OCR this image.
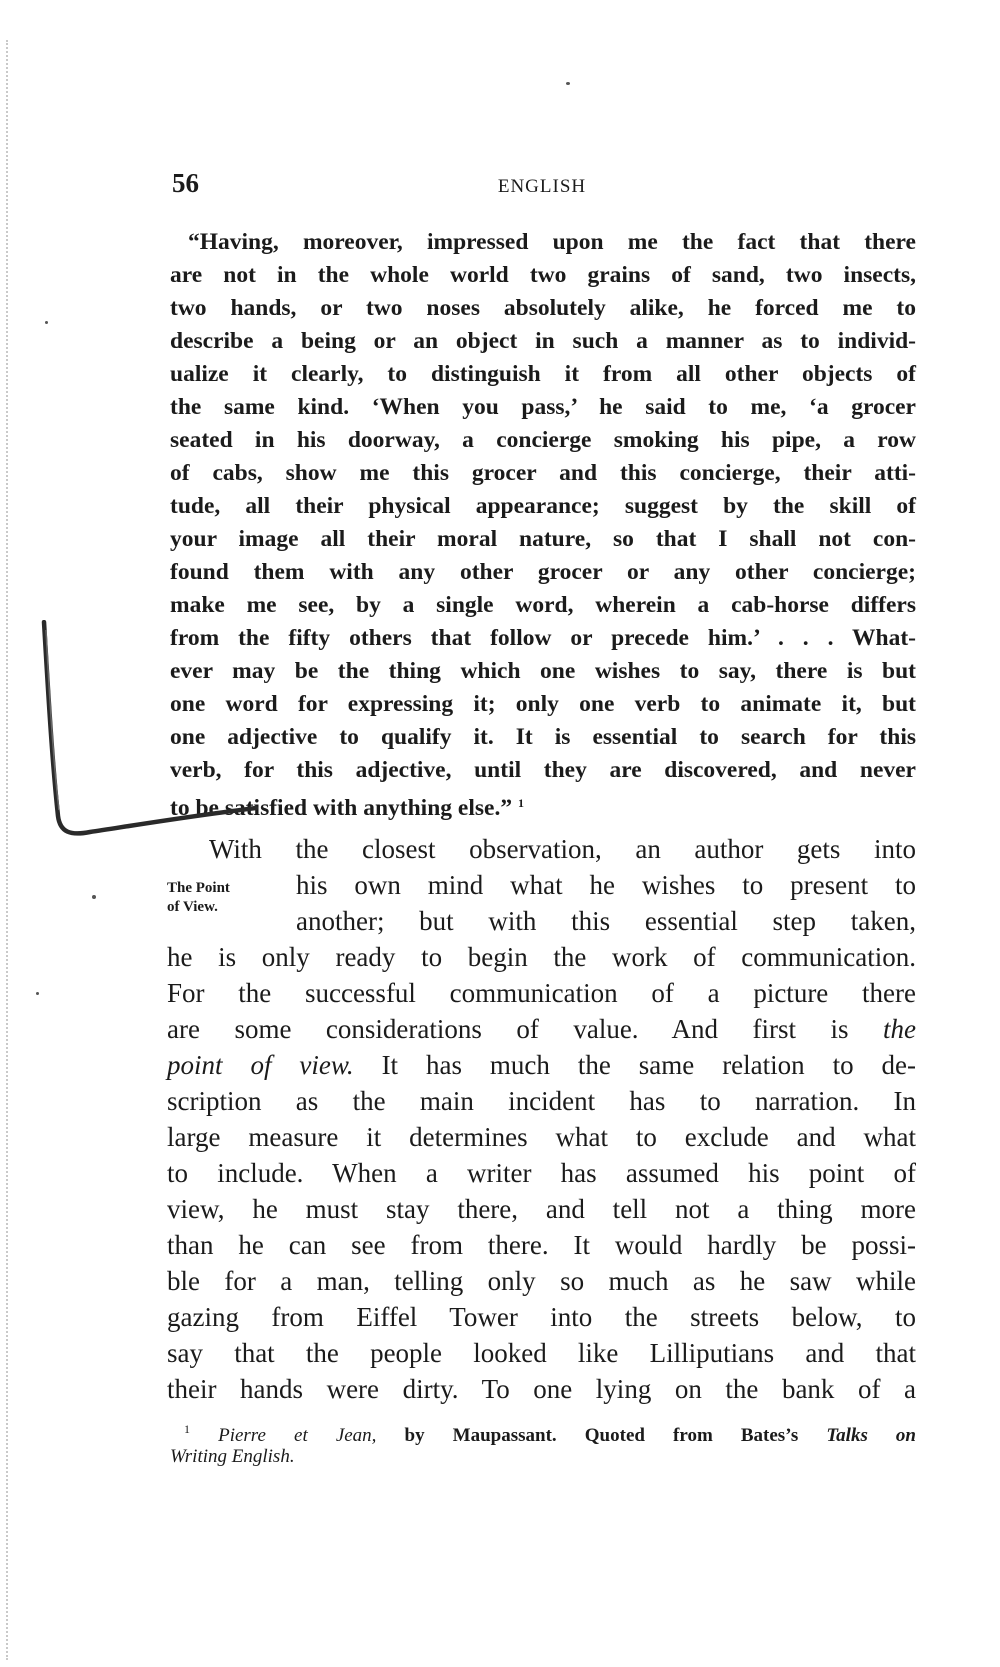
56	ENGLISH
“Having, moreover, impressed upon me the fact that there
are not in the whole world two grains of sand, two insects,
two hands, or two noses absolutely alike, he forced me to
describe a being or an object in such a manner as to individ-
ualize it clearly, to distinguish it from all other objects of
the same kind. ‘When you pass,’ he said to me, ‘a grocer
seated in his doorway, a concierge smoking his pipe, a row
of cabs, show me this grocer and this concierge, their atti-
tude, all their physical appearance; suggest by the skill of
your image all their moral nature, so that I shall not con-
found them with any other grocer or any other concierge;
make me see, by a single word, wherein a cab-horse differs
from the fifty others that follow or precede him.’ . . . What-
ever may be the thing which one wishes to say, there is but
one word for expressing it; only one verb to animate it, but
one adjective to qualify it. It is essential to search for this
verb, for this adjective, until they are discovered, and never
to be satisfied with anything else.” $^1$
The Point
of View.
With the closest observation, an author gets into
his own mind what he wishes to present to
another; but with this essential step taken,
he is only ready to begin the work of communication.
For the successful communication of a picture there
are some considerations of value. And first is the
point of view. It has much the same relation to de-
scription as the main incident has to narration. In
large measure it determines what to exclude and what
to include. When a writer has assumed his point of
view, he must stay there, and tell not a thing more
than he can see from there. It would hardly be possi-
ble for a man, telling only so much as he saw while
gazing from Eiffel Tower into the streets below, to
say that the people looked like Lilliputians and that
their hands were dirty. To one lying on the bank of a
$^1$ Pierre et Jean, by Maupassant. Quoted from Bates’s Talks on
Writing English.
